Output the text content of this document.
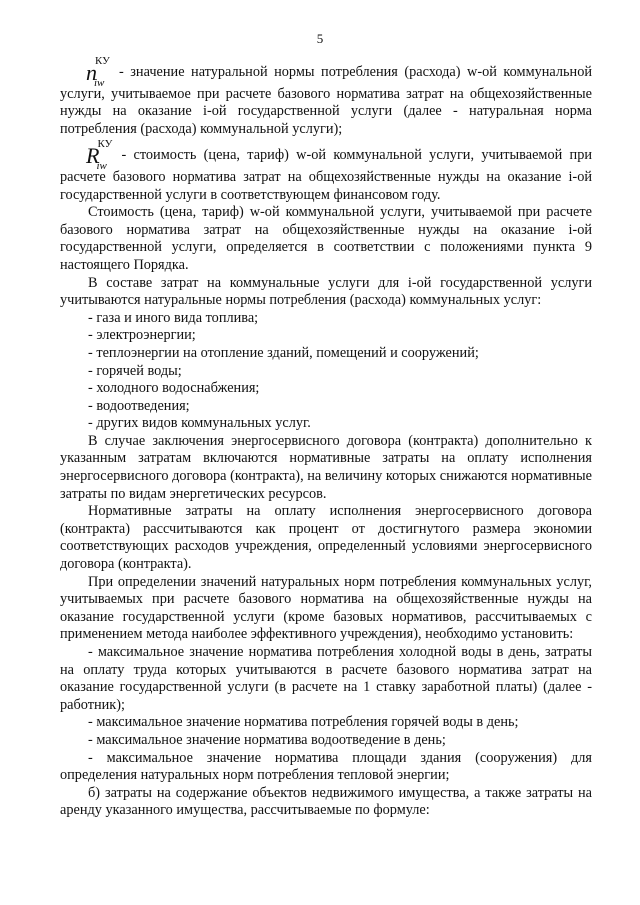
5

n
КУ
iw
- значение натуральной нормы потребления (расхода) w-ой коммунальной услуги, учитываемое при расчете базового норматива затрат на общехозяйственные нужды на оказание i-ой государственной услуги (далее - натуральная норма потребления (расхода) коммунальной услуги);

R
КУ
iw
- стоимость (цена, тариф) w-ой коммунальной услуги, учитываемой при расчете базового норматива затрат на общехозяйственные нужды на оказание i-ой государственной услуги в соответствующем финансовом году.

Стоимость (цена, тариф) w-ой коммунальной услуги, учитываемой при расчете базового норматива затрат на общехозяйственные нужды на оказание i-ой государственной услуги, определяется в соответствии с положениями пункта 9 настоящего Порядка.

В составе затрат на коммунальные услуги для i-ой государственной услуги учитываются натуральные нормы потребления (расхода) коммунальных услуг:

- газа и иного вида топлива;

- электроэнергии;

- теплоэнергии на отопление зданий, помещений и сооружений;

- горячей воды;

- холодного водоснабжения;

- водоотведения;

- других видов коммунальных услуг.

В случае заключения энергосервисного договора (контракта) дополнительно к указанным затратам включаются нормативные затраты на оплату исполнения энергосервисного договора (контракта), на величину которых снижаются нормативные затраты по видам энергетических ресурсов.

Нормативные затраты на оплату исполнения энергосервисного договора (контракта) рассчитываются как процент от достигнутого размера экономии соответствующих расходов учреждения, определенный условиями энергосервисного договора (контракта).

При определении значений натуральных норм потребления коммунальных услуг, учитываемых при расчете базового норматива на общехозяйственные нужды на оказание государственной услуги (кроме базовых нормативов, рассчитываемых с применением метода наиболее эффективного учреждения), необходимо установить:

- максимальное значение норматива потребления холодной воды в день, затраты на оплату труда которых учитываются в расчете базового норматива затрат на оказание государственной услуги (в расчете на 1 ставку заработной платы) (далее - работник);

- максимальное значение норматива потребления горячей воды в день;

- максимальное значение норматива водоотведение в день;

- максимальное значение норматива площади здания (сооружения) для определения натуральных норм потребления тепловой энергии;

б) затраты на содержание объектов недвижимого имущества, а также затраты на аренду указанного имущества, рассчитываемые по формуле:
